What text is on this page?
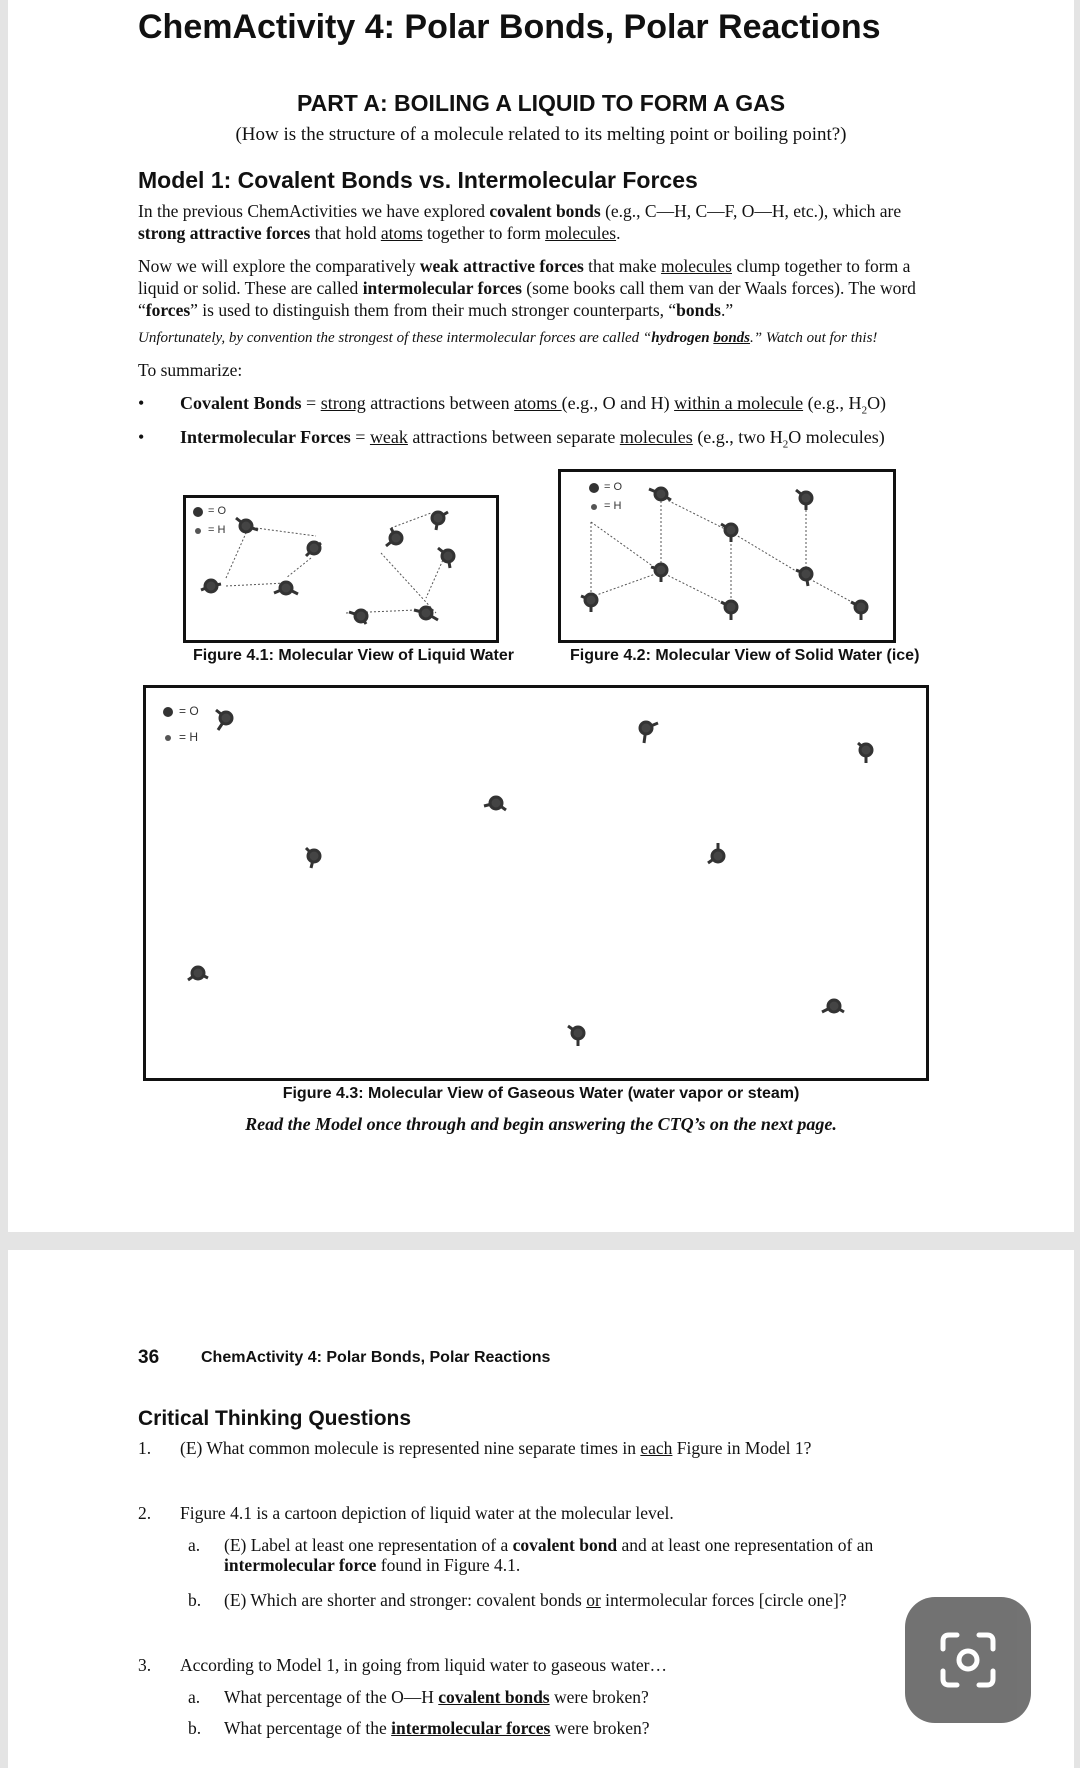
ChemActivity 4: Polar Bonds, Polar Reactions
PART A: BOILING A LIQUID TO FORM A GAS
(How is the structure of a molecule related to its melting point or boiling point?)
Model 1: Covalent Bonds vs. Intermolecular Forces
In the previous ChemActivities we have explored covalent bonds (e.g., C—H, C—F, O—H, etc.), which are strong attractive forces that hold atoms together to form molecules.
Now we will explore the comparatively weak attractive forces that make molecules clump together to form a liquid or solid. These are called intermolecular forces (some books call them van der Waals forces). The word “forces” is used to distinguish them from their much stronger counterparts, “bonds.”
Unfortunately, by convention the strongest of these intermolecular forces are called “hydrogen bonds.” Watch out for this!
To summarize:
• Covalent Bonds = strong attractions between atoms (e.g., O and H) within a molecule (e.g., $H_2O$)
• Intermolecular Forces = weak attractions between separate molecules (e.g., two $H_2O$ molecules)
= O
= H
Figure 4.1: Molecular View of Liquid Water
= O
= H
Figure 4.2: Molecular View of Solid Water (ice)
= O
= H
Figure 4.3: Molecular View of Gaseous Water (water vapor or steam)
Read the Model once through and begin answering the CTQ’s on the next page.
36	ChemActivity 4: Polar Bonds, Polar Reactions
Critical Thinking Questions
1. (E) What common molecule is represented nine separate times in each Figure in Model 1?
2. Figure 4.1 is a cartoon depiction of liquid water at the molecular level.
a. (E) Label at least one representation of a covalent bond and at least one representation of an intermolecular force found in Figure 4.1.
b. (E) Which are shorter and stronger: covalent bonds or intermolecular forces [circle one]?
3. According to Model 1, in going from liquid water to gaseous water…
a. What percentage of the O—H covalent bonds were broken?
b. What percentage of the intermolecular forces were broken?
